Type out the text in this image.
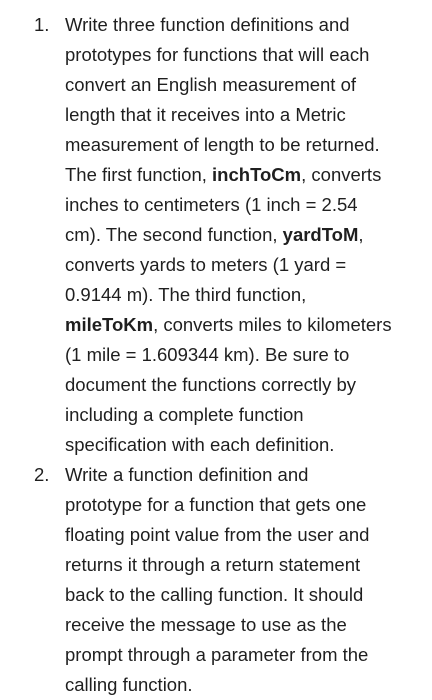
1. Write three function definitions and
prototypes for functions that will each
convert an English measurement of
length that it receives into a Metric
measurement of length to be returned.
The first function, inchToCm, converts
inches to centimeters (1 inch = 2.54
cm). The second function, yardToM,
converts yards to meters (1 yard =
0.9144 m). The third function,
mileToKm, converts miles to kilometers
(1 mile = 1.609344 km). Be sure to
document the functions correctly by
including a complete function
specification with each definition.
2. Write a function definition and
prototype for a function that gets one
floating point value from the user and
returns it through a return statement
back to the calling function. It should
receive the message to use as the
prompt through a parameter from the
calling function.
